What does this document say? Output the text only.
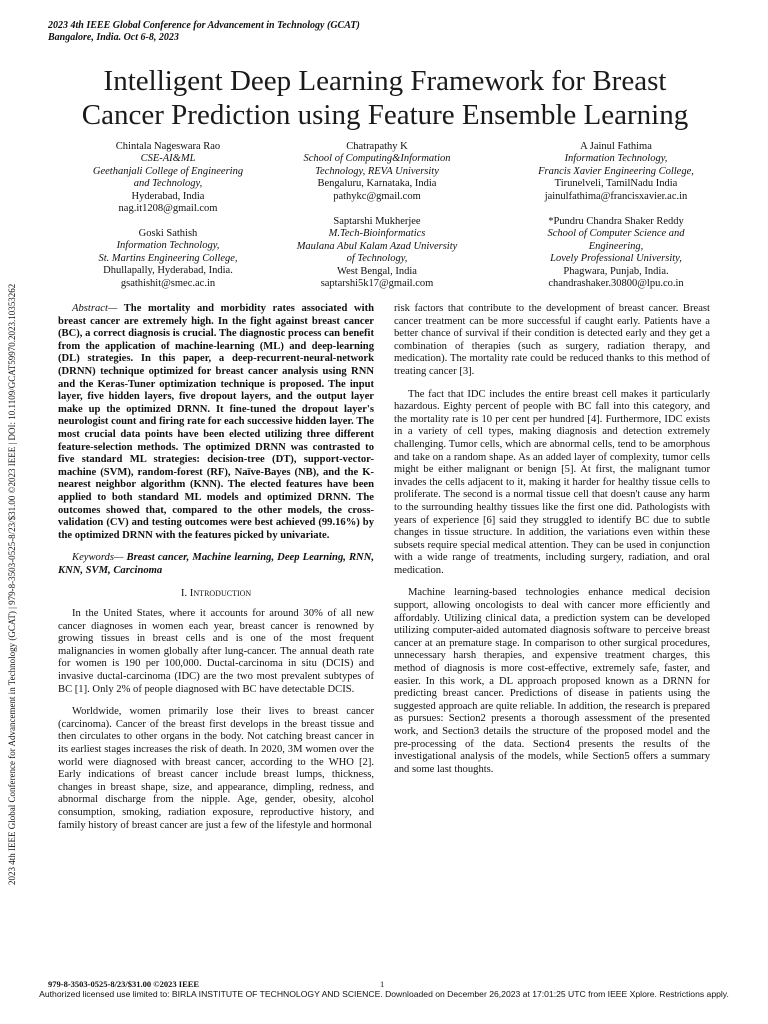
2023 4th IEEE Global Conference for Advancement in Technology (GCAT)
Bangalore, India. Oct 6-8, 2023
Intelligent Deep Learning Framework for Breast
Cancer Prediction using Feature Ensemble Learning
Chintala Nageswara Rao
CSE-AI&ML
Geethanjali College of Engineering
and Technology,
Hyderabad, India
nag.it1208@gmail.com
Chatrapathy K
School of Computing&Information
Technology, REVA University
Bengaluru, Karnataka, India
pathykc@gmail.com
A Jainul Fathima
Information Technology,
Francis Xavier Engineering College,
Tirunelveli, TamilNadu India
jainulfathima@francisxavier.ac.in
Goski Sathish
Information Technology,
St. Martins Engineering College,
Dhullapally, Hyderabad, India.
gsathishit@smec.ac.in
Saptarshi Mukherjee
M.Tech-Bioinformatics
Maulana Abul Kalam Azad University
of Technology,
West Bengal, India
saptarshi5k17@gmail.com
*Pundru Chandra Shaker Reddy
School of Computer Science and
Engineering,
Lovely Professional University,
Phagwara, Punjab, India.
chandrashaker.30800@lpu.co.in
2023 4th IEEE Global Conference for Advancement in Technology (GCAT) | 979-8-3503-0525-8/23/$31.00 ©2023 IEEE | DOI: 10.1109/GCAT59970.2023.10353262	Abstract— The mortality and morbidity rates associated with breast cancer are extremely high. In the fight against breast cancer (BC), a correct diagnosis is crucial. The diagnostic process can benefit from the application of machine-learning (ML) and deep-learning (DL) strategies. In this paper, a deep-recurrent-neural-network (DRNN) technique optimized for breast cancer analysis using RNN and the Keras-Tuner optimization technique is proposed. The input layer, five hidden layers, five dropout layers, and the output layer make up the optimized DRNN. It fine-tuned the dropout layer's neurologist count and firing rate for each successive hidden layer. The most crucial data points have been elected utilizing three different feature-selection methods. The optimized DRNN was contrasted to five standard ML strategies: decision-tree (DT), support-vector-machine (SVM), random-forest (RF), Naïve-Bayes (NB), and the K-nearest neighbor algorithm (KNN). The elected features have been applied to both standard ML models and optimized DRNN. The outcomes showed that, compared to the other models, the cross-validation (CV) and testing outcomes were best achieved (99.16%) by the optimized DRNN with the features picked by univariate.

Keywords— Breast cancer, Machine learning, Deep Learning, RNN, KNN, SVM, Carcinoma

I. Introduction

In the United States, where it accounts for around 30% of all new cancer diagnoses in women each year, breast cancer is renowned by growing tissues in breast cells and is one of the most frequent malignancies in women globally after lung-cancer. The annual death rate for women is 190 per 100,000. Ductal-carcinoma in situ (DCIS) and invasive ductal-carcinoma (IDC) are the two most prevalent subtypes of BC [1]. Only 2% of people diagnosed with BC have detectable DCIS.

Worldwide, women primarily lose their lives to breast cancer (carcinoma). Cancer of the breast first develops in the breast tissue and then circulates to other organs in the body. Not catching breast cancer in its earliest stages increases the risk of death. In 2020, 3M women over the world were diagnosed with breast cancer, according to the WHO [2]. Early indications of breast cancer include breast lumps, thickness, changes in breast shape, size, and appearance, dimpling, redness, and abnormal discharge from the nipple. Age, gender, obesity, alcohol consumption, smoking, radiation exposure, reproductive history, and family history of breast cancer are just a few of the lifestyle and hormonal

risk factors that contribute to the development of breast cancer. Breast cancer treatment can be more successful if caught early. Patients have a better chance of survival if their condition is detected early and they get a combination of therapies (such as surgery, radiation therapy, and medication). The mortality rate could be reduced thanks to this method of treating cancer [3].

The fact that IDC includes the entire breast cell makes it particularly hazardous. Eighty percent of people with BC fall into this category, and the mortality rate is 10 per cent per hundred [4]. Furthermore, IDC exists in a variety of cell types, making diagnosis and detection extremely challenging. Tumor cells, which are abnormal cells, tend to be amorphous and take on a random shape. As an added layer of complexity, tumor cells might be either malignant or benign [5]. At first, the malignant tumor invades the cells adjacent to it, making it harder for healthy tissue cells to proliferate. The second is a normal tissue cell that doesn't cause any harm to the surrounding healthy tissues like the first one did. Pathologists with years of experience [6] said they struggled to identify BC due to subtle changes in tissue structure. In addition, the variations even within these subsets require special medical attention. They can be used in conjunction with a wide range of treatments, including surgery, radiation, and oral medication.

Machine learning-based technologies enhance medical decision support, allowing oncologists to deal with cancer more efficiently and affordably. Utilizing clinical data, a prediction system can be developed utilizing computer-aided automated diagnosis software to perceive breast cancer at an premature stage. In comparison to other surgical procedures, unnecessary harsh therapies, and expensive treatment charges, this method of diagnosis is more cost-effective, extremely safe, faster, and easier. In this work, a DL approach proposed known as a DRNN for predicting breast cancer. Predictions of disease in patients using the suggested approach are quite reliable. In addition, the research is prepared as pursues: Section2 presents a thorough assessment of the presented work, and Section3 details the structure of the proposed model and the pre-processing of the data. Section4 presents the results of the investigational analysis of the models, while Section5 offers a summary and some last thoughts.

979-8-3503-0525-8/23/$31.00 ©2023 IEEE	1
Authorized licensed use limited to: BIRLA INSTITUTE OF TECHNOLOGY AND SCIENCE. Downloaded on December 26,2023 at 17:01:25 UTC from IEEE Xplore. Restrictions apply.
